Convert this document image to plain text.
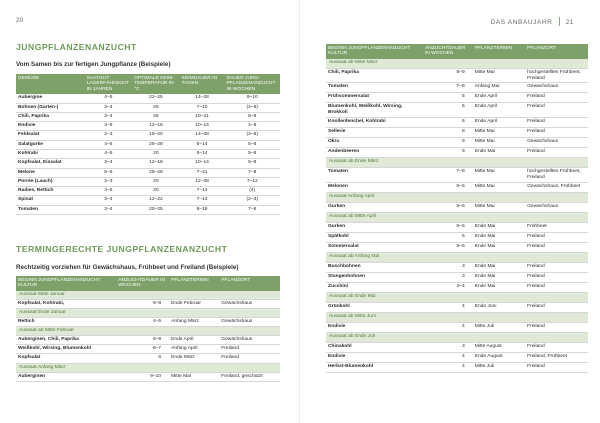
20
JUNGPFLANZENANZUCHT
Vom Samen bis zur fertigen Jungpflanze (Beispiele)
GEMÜSE	SAATGUT LAGERFÄHIGKEIT IN JAHREN	OPTIMALE KEIMTEMPERATUR IN °C	KEIMDAUER IN TAGEN	DAUER JUNGPFLANZENANZUCHT IN WOCHEN
Aubergine	4–5	22–25	14–28	9–10
Bohnen (Garten-)	3–4	25	7–10	(4–6)
Chili, Paprika	3–4	25	10–21	8–9
Endivie	4–5	12–16	10–14	4–6
Feldsalat	2–3	15–20	14–28	(4–6)
Salatgurke	4–5	25–28	5–14	5–6
Kohlrabi	4–5	20	5–14	5–8
Kopfsalat, Eissalat	3–4	12–16	10–14	5–8
Melone	5–6	25–28	7–21	7–8
Porree (Lauch)	2–3	20	12–28	7–12
Radies, Rettich	4–5	20	7–14	(4)
Spinat	3–4	12–22	7–14	(2–3)
Tomaten	3–4	20–25	8–15	7–8
TERMINGERECHTE JUNGPFLANZENANZUCHT
Rechtzeitig vorziehen für Gewächshaus, Frühbeet und Freiland (Beispiele)
BEGINN JUNGPFLANZENANZUCHT KULTUR	ANZUCHTDAUER IN WOCHEN	PFLANZTERMIN	PFLANZORT
Aussaat Mitte Januar			
Kopfsalat, Kohlrabi,	6–8	Ende Februar	Gewächshaus
Aussaat Ende Januar			
Rettich	4–5	Anfang März	Gewächshaus
Aussaat ab Mitte Februar			
Auberginen, Chili, Paprika	8–9	Ende April	Gewächshaus
Weißkohl, Wirsing, Blumenkohl	6–7	Anfang April	Freiland
Kopfsalat	6	Ende März	Freiland
Aussaat Anfang März			
Auberginen	9–10	Mitte Mai	Freiland, geschützt
DAS ANBAUJAHR 21
BEGINN JUNGPFLANZENANZUCHT KULTUR	ANZUCHTDAUER IN WOCHEN	PFLANZTERMIN	PFLANZORT
Aussaat ab Mitte März			
Chili, Paprika	8–9	Mitte Mai	hochgestelltes Frühbeet, Freiland
Tomaten	7–8	Anfang Mai	Gewächshaus
Frühsommersalat	5	Ende April	Freiland
Blumenkohl, Weißkohl, Wirsing, Brokkoli	5	Ende April	Freiland
Knollenfenchel, Kohlrabi	6	Ende April	Freiland
Sellerie	8	Mitte Mai	Freiland
Okra	9	Mitte Mai	Gewächshaus
Andenbeeren	9	Ende Mai	Freiland
Aussaat ab Ende März			
Tomaten	7–8	Mitte Mai	hochgestelltes Frühbeet, Freiland
Melonen	5–6	Mitte Mai	Gewächshaus, Frühbeet
Aussaat Anfang April			
Gurken	5–6	Mitte Mai	Gewächshaus
Aussaat ab Mitte April			
Gurken	5–6	Ende Mai	Frühbeet
Spätkohl	6	Ende Mai	Freiland
Sommersalat	5–6	Ende Mai	Freiland
Aussaat ab Anfang Mai			
Buschbohnen	3	Ende Mai	Freiland
Stangenbohnen	3	Ende Mai	Freiland
Zucchini	3–4	Ende Mai	Freiland
Aussaat ab Ende Mai			
Grünkohl	4	Ende Juni	Freiland
Aussaat ab Mitte Juni			
Endivie	4	Mitte Juli	Freiland
Aussaat ab Ende Juli			
Chinakohl	3	Mitte August	Freiland
Endivie	4	Ende August	Freiland, Frühbeet
Herbst-Blumenkohl	4	Mitte Juli	Freiland
